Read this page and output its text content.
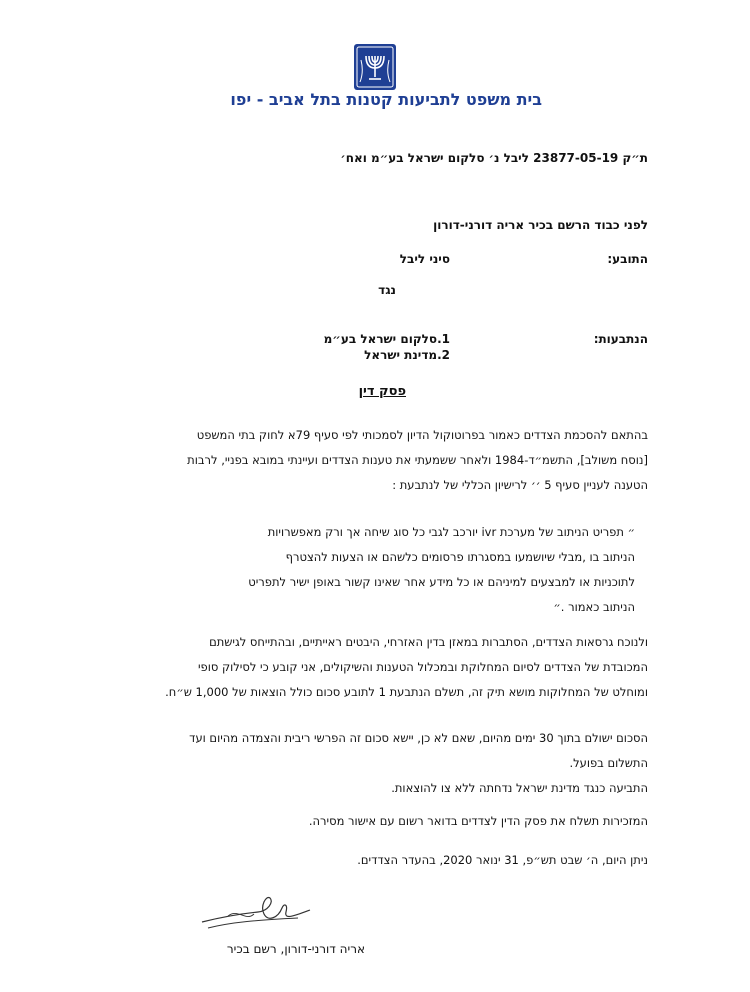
בית משפט לתביעות קטנות בתל אביב - יפו
ת״ק 23877-05-19 ליבל נ׳ סלקום ישראל בע״מ ואח׳
לפני כבוד הרשם בכיר אריה דורני-דורון
התובע:
סיני ליבל
נגד
הנתבעות:
1.סלקום ישראל בע״מ
2.מדינת ישראל
פסק דין
בהתאם להסכמת הצדדים כאמור בפרוטוקול הדיון לסמכותי לפי סעיף 79א לחוק בתי המשפט
[נוסח משולב], התשמ״ד-1984 ולאחר ששמעתי את טענות הצדדים ועיינתי במובא בפניי, לרבות
הטענה לעניין סעיף 5 ׳׳ לרישיון הכללי של לנתבעת :
״ תפריט הניתוב של מערכת ivr יורכב לגבי כל סוג שיחה אך ורק מאפשרויות
הניתוב בו ,מבלי שיושמעו במסגרתו פרסומים כלשהם או הצעות להצטרף
לתוכניות או למבצעים למיניהם או כל מידע אחר שאינו קשור באופן ישיר לתפריט
הניתוב כאמור .״
ולנוכח גרסאות הצדדים, הסתברות במאזן בדין האזרחי, היבטים ראייתיים, ובהתייחס לגישתם
המכובדת של הצדדים לסיום המחלוקת ובמכלול הטענות והשיקולים, אני קובע כי לסילוק סופי
ומוחלט של המחלוקות מושא תיק זה, תשלם הנתבעת 1 לתובע סכום כולל הוצאות של 1,000 ש״ח.
הסכום ישולם בתוך 30 ימים מהיום, שאם לא כן, יישא סכום זה הפרשי ריבית והצמדה מהיום ועד
התשלום בפועל.
התביעה כנגד מדינת ישראל נדחתה ללא צו להוצאות.
המזכירות תשלח את פסק הדין לצדדים בדואר רשום עם אישור מסירה.
ניתן היום, ה׳ שבט תש״פ, 31 ינואר 2020, בהעדר הצדדים.
אריה דורני-דורון, רשם בכיר
